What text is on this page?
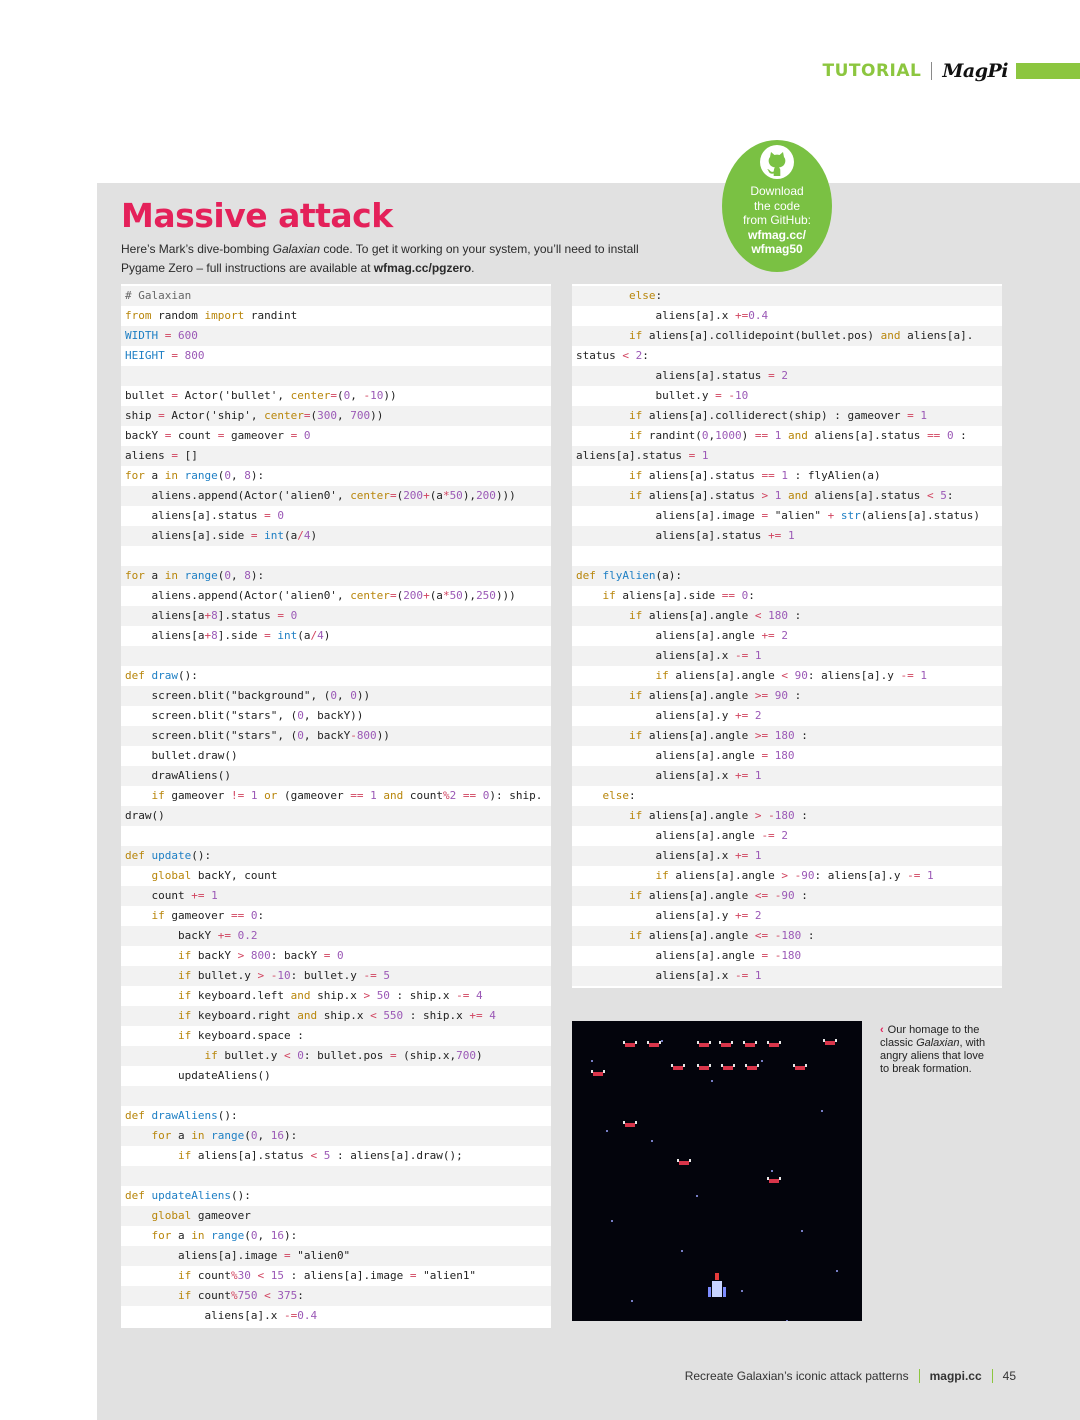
TUTORIAL MagPi
Massive attack
Here’s Mark’s dive-bombing Galaxian code. To get it working on your system, you’ll need to install Pygame Zero – full instructions are available at wfmag.cc/pgzero.
Download
the code
from GitHub:
wfmag.cc/
wfmag50
# Galaxian
from random import randint
WIDTH = 600
HEIGHT = 800
bullet = Actor('bullet', center=(0, -10))
ship = Actor('ship', center=(300, 700))
backY = count = gameover = 0
aliens = []
for a in range(0, 8):
aliens.append(Actor('alien0', center=(200+(a*50),200)))
aliens[a].status = 0
aliens[a].side = int(a/4)
for a in range(0, 8):
aliens.append(Actor('alien0', center=(200+(a*50),250)))
aliens[a+8].status = 0
aliens[a+8].side = int(a/4)
def draw():
screen.blit("background", (0, 0))
screen.blit("stars", (0, backY))
screen.blit("stars", (0, backY-800))
bullet.draw()
drawAliens()
if gameover != 1 or (gameover == 1 and count%2 == 0): ship.
draw()
def update():
global backY, count
count += 1
if gameover == 0:
backY += 0.2
if backY > 800: backY = 0
if bullet.y > -10: bullet.y -= 5
if keyboard.left and ship.x > 50 : ship.x -= 4
if keyboard.right and ship.x < 550 : ship.x += 4
if keyboard.space :
if bullet.y < 0: bullet.pos = (ship.x,700)
updateAliens()
def drawAliens():
for a in range(0, 16):
if aliens[a].status < 5 : aliens[a].draw();
def updateAliens():
global gameover
for a in range(0, 16):
aliens[a].image = "alien0"
if count%30 < 15 : aliens[a].image = "alien1"
if count%750 < 375:
aliens[a].x -=0.4
else:
aliens[a].x +=0.4
if aliens[a].collidepoint(bullet.pos) and aliens[a].
status < 2:
aliens[a].status = 2
bullet.y = -10
if aliens[a].colliderect(ship) : gameover = 1
if randint(0,1000) == 1 and aliens[a].status == 0 :
aliens[a].status = 1
if aliens[a].status == 1 : flyAlien(a)
if aliens[a].status > 1 and aliens[a].status < 5:
aliens[a].image = "alien" + str(aliens[a].status)
aliens[a].status += 1
def flyAlien(a):
if aliens[a].side == 0:
if aliens[a].angle < 180 :
aliens[a].angle += 2
aliens[a].x -= 1
if aliens[a].angle < 90: aliens[a].y -= 1
if aliens[a].angle >= 90 :
aliens[a].y += 2
if aliens[a].angle >= 180 :
aliens[a].angle = 180
aliens[a].x += 1
else:
if aliens[a].angle > -180 :
aliens[a].angle -= 2
aliens[a].x += 1
if aliens[a].angle > -90: aliens[a].y -= 1
if aliens[a].angle <= -90 :
aliens[a].y += 2
if aliens[a].angle <= -180 :
aliens[a].angle = -180
aliens[a].x -= 1
‹ Our homage to the classic Galaxian, with angry aliens that love to break formation.
Recreate Galaxian’s iconic attack patterns magpi.cc 45
